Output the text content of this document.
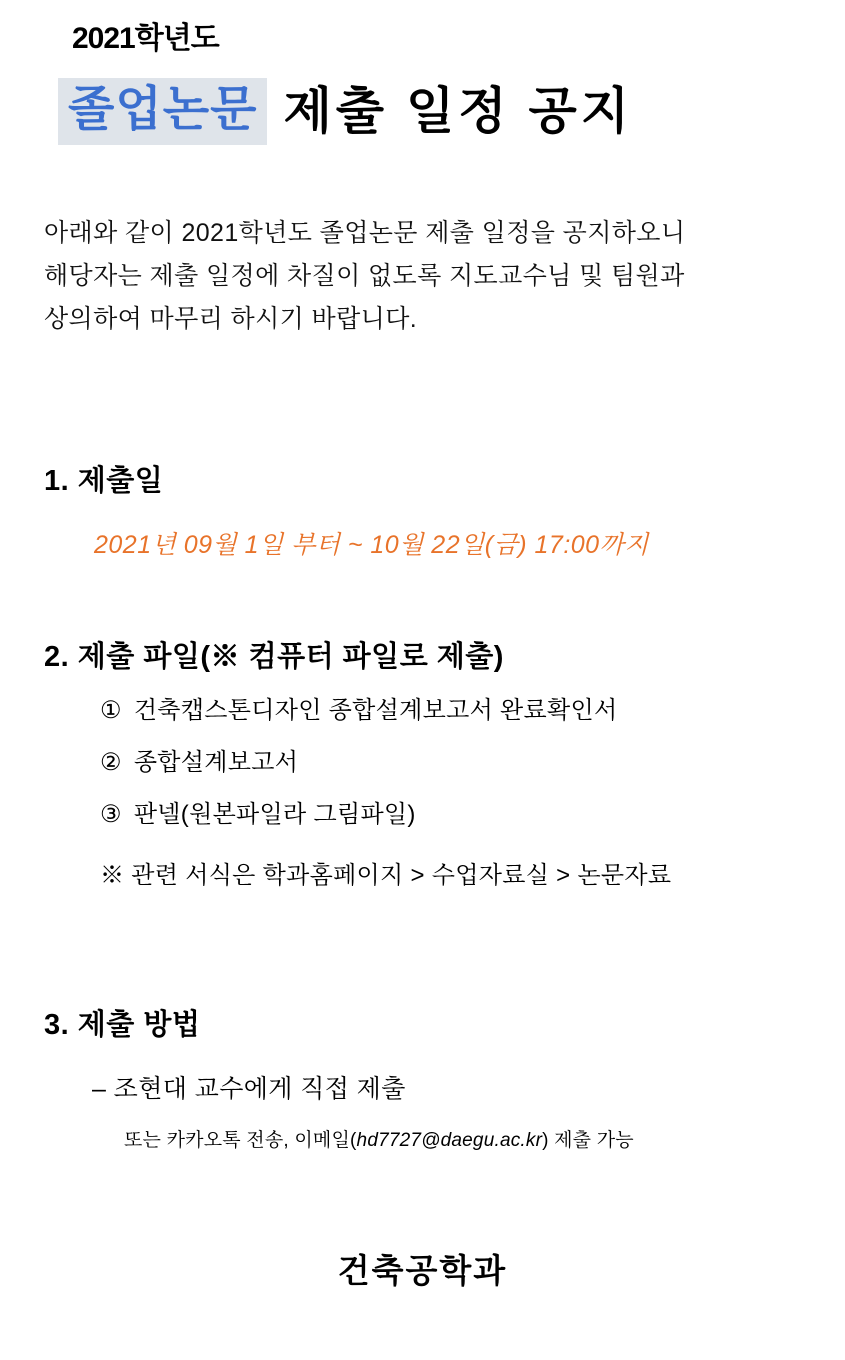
2021학년도
졸업논문 제출 일정 공지
아래와 같이 2021학년도 졸업논문 제출 일정을 공지하오니
해당자는 제출 일정에 차질이 없도록 지도교수님 및 팀원과
상의하여 마무리 하시기 바랍니다.
1. 제출일
2021년 09월 1일 부터 ~ 10월 22일(금) 17:00까지
2. 제출 파일(※ 컴퓨터 파일로 제출)
① 건축캡스톤디자인 종합설계보고서 완료확인서
② 종합설계보고서
③ 판넬(원본파일라 그림파일)
※ 관련 서식은 학과홈페이지 > 수업자료실 > 논문자료
3. 제출 방법
– 조현대 교수에게 직접 제출
또는 카카오톡 전송, 이메일(hd7727@daegu.ac.kr) 제출 가능
건축공학과
